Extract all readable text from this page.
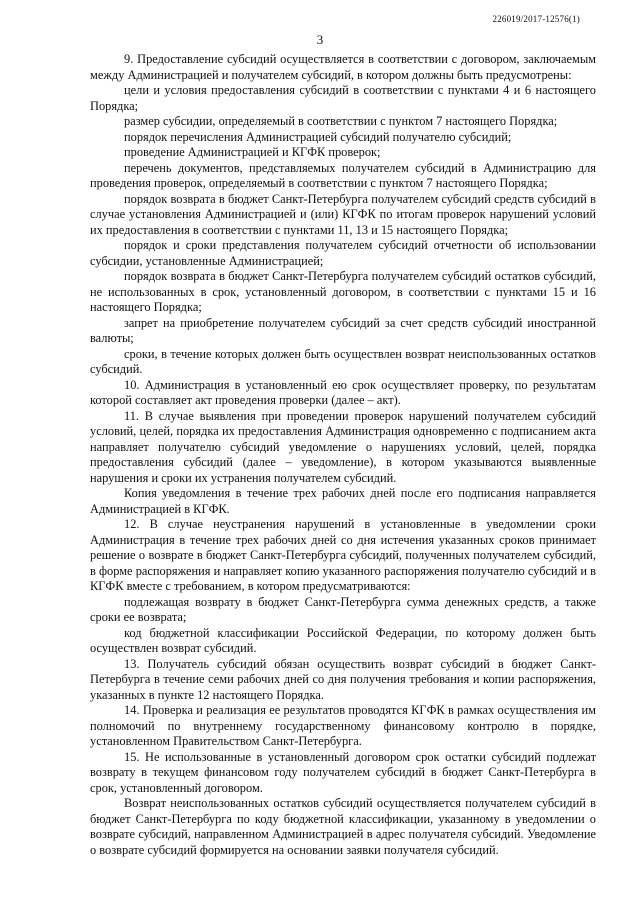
226019/2017-12576(1)
3

9. Предоставление субсидий осуществляется в соответствии с договором, заключаемым между Администрацией и получателем субсидий, в котором должны быть предусмотрены:

цели и условия предоставления субсидий в соответствии с пунктами 4 и 6 настоящего Порядка;

размер субсидии, определяемый в соответствии с пунктом 7 настоящего Порядка;

порядок перечисления Администрацией субсидий получателю субсидий;

проведение Администрацией и КГФК проверок;

перечень документов, представляемых получателем субсидий в Администрацию для проведения проверок, определяемый в соответствии с пунктом 7 настоящего Порядка;

порядок возврата в бюджет Санкт-Петербурга получателем субсидий средств субсидий в случае установления Администрацией и (или) КГФК по итогам проверок нарушений условий их предоставления в соответствии с пунктами 11, 13 и 15 настоящего Порядка;

порядок и сроки представления получателем субсидий отчетности об использовании субсидии, установленные Администрацией;

порядок возврата в бюджет Санкт-Петербурга получателем субсидий остатков субсидий, не использованных в срок, установленный договором, в соответствии с пунктами 15 и 16 настоящего Порядка;

запрет на приобретение получателем субсидий за счет средств субсидий иностранной валюты;

сроки, в течение которых должен быть осуществлен возврат неиспользованных остатков субсидий.

10. Администрация в установленный ею срок осуществляет проверку, по результатам которой составляет акт проведения проверки (далее – акт).

11. В случае выявления при проведении проверок нарушений получателем субсидий условий, целей, порядка их предоставления Администрация одновременно с подписанием акта направляет получателю субсидий уведомление о нарушениях условий, целей, порядка предоставления субсидий (далее – уведомление), в котором указываются выявленные нарушения и сроки их устранения получателем субсидий.

Копия уведомления в течение трех рабочих дней после его подписания направляется Администрацией в КГФК.

12. В случае неустранения нарушений в установленные в уведомлении сроки Администрация в течение трех рабочих дней со дня истечения указанных сроков принимает решение о возврате в бюджет Санкт-Петербурга субсидий, полученных получателем субсидий, в форме распоряжения и направляет копию указанного распоряжения получателю субсидий и в КГФК вместе с требованием, в котором предусматриваются:

подлежащая возврату в бюджет Санкт-Петербурга сумма денежных средств, а также сроки ее возврата;

код бюджетной классификации Российской Федерации, по которому должен быть осуществлен возврат субсидий.

13. Получатель субсидий обязан осуществить возврат субсидий в бюджет Санкт-Петербурга в течение семи рабочих дней со дня получения требования и копии распоряжения, указанных в пункте 12 настоящего Порядка.

14. Проверка и реализация ее результатов проводятся КГФК в рамках осуществления им полномочий по внутреннему государственному финансовому контролю в порядке, установленном Правительством Санкт-Петербурга.

15. Не использованные в установленный договором срок остатки субсидий подлежат возврату в текущем финансовом году получателем субсидий в бюджет Санкт-Петербурга в срок, установленный договором.

Возврат неиспользованных остатков субсидий осуществляется получателем субсидий в бюджет Санкт-Петербурга по коду бюджетной классификации, указанному в уведомлении о возврате субсидий, направленном Администрацией в адрес получателя субсидий. Уведомление о возврате субсидий формируется на основании заявки получателя субсидий.
